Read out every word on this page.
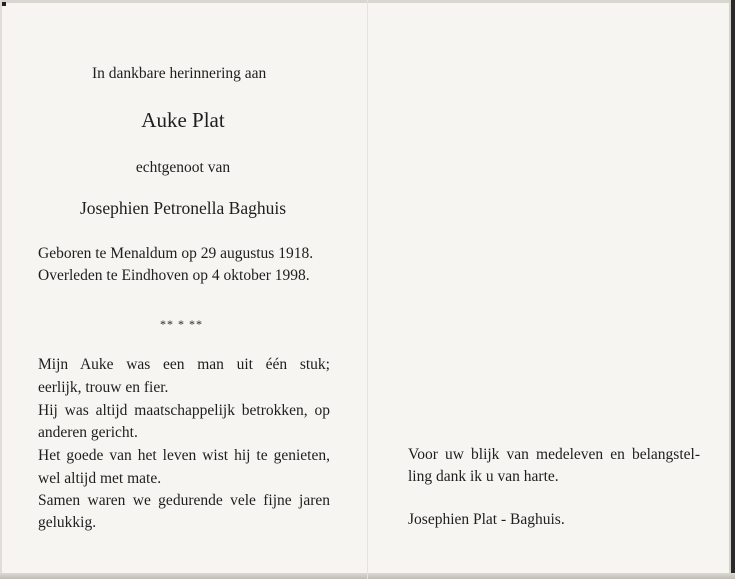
In dankbare herinnering aan
Auke Plat
echtgenoot van
Josephien Petronella Baghuis
Geboren te Menaldum op 29 augustus 1918.
Overleden te Eindhoven op 4 oktober 1998.
** * **
Mijn Auke was een man uit één stuk;
eerlijk, trouw en fier.
Hij was altijd maatschappelijk betrokken, op
anderen gericht.
Het goede van het leven wist hij te genieten,
wel altijd met mate.
Samen waren we gedurende vele fijne jaren
gelukkig.
Voor uw blijk van medeleven en belangstel-
ling dank ik u van harte.
Josephien Plat - Baghuis.
